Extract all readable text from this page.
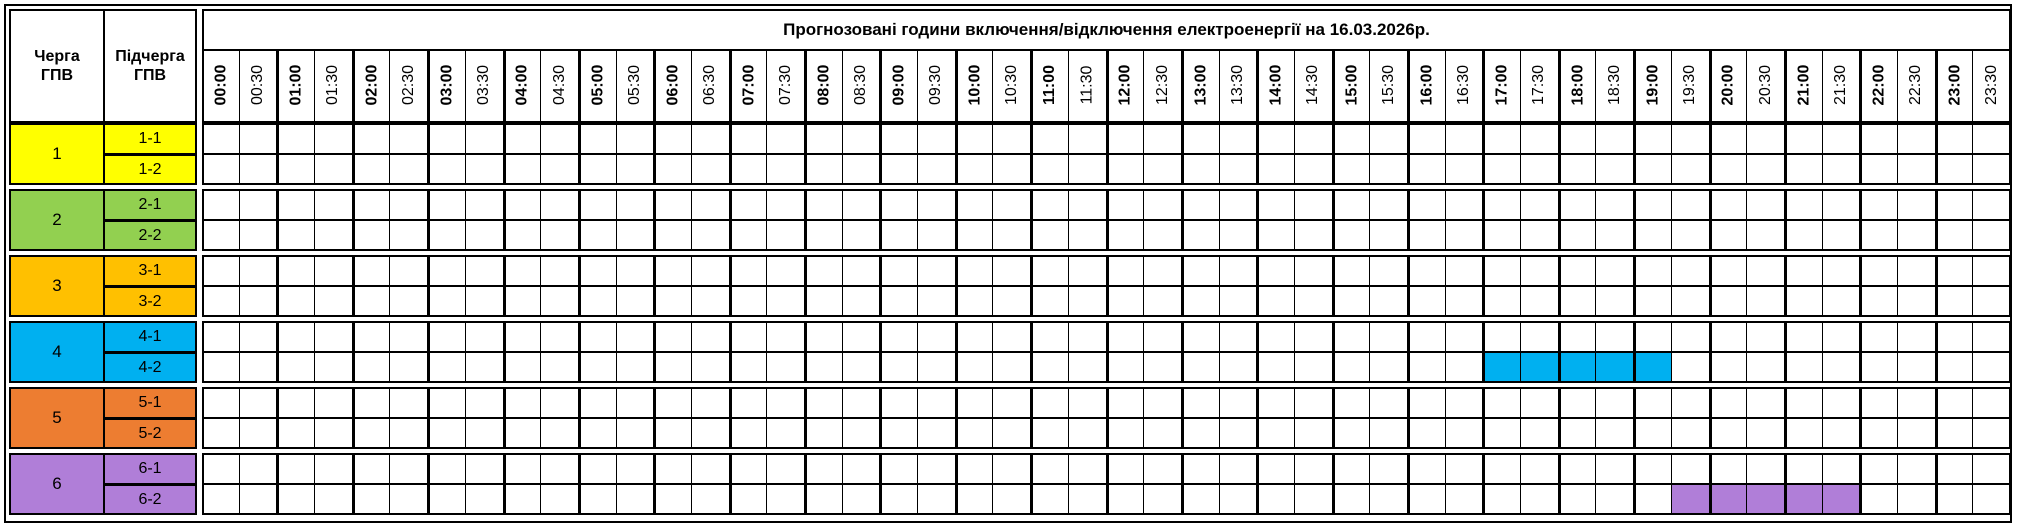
Черга
ГПВ
Підчерга
ГПВ
Прогнозовані години включення/відключення електроенергії на 16.03.2026р.
00:00 00:30 01:00 01:30 02:00 02:30 03:00 03:30 04:00 04:30 05:00 05:30 06:00 06:30 07:00 07:30 08:00 08:30 09:00 09:30 10:00 10:30 11:00 11:30 12:00 12:30 13:00 13:30 14:00 14:30 15:00 15:30 16:00 16:30 17:00 17:30 18:00 18:30 19:00 19:30 20:00 20:30 21:00 21:30 22:00 22:30 23:00 23:30
1
1-1
1-2
2
2-1
2-2
3
3-1
3-2
4
4-1
4-2
5
5-1
5-2
6
6-1
6-2
